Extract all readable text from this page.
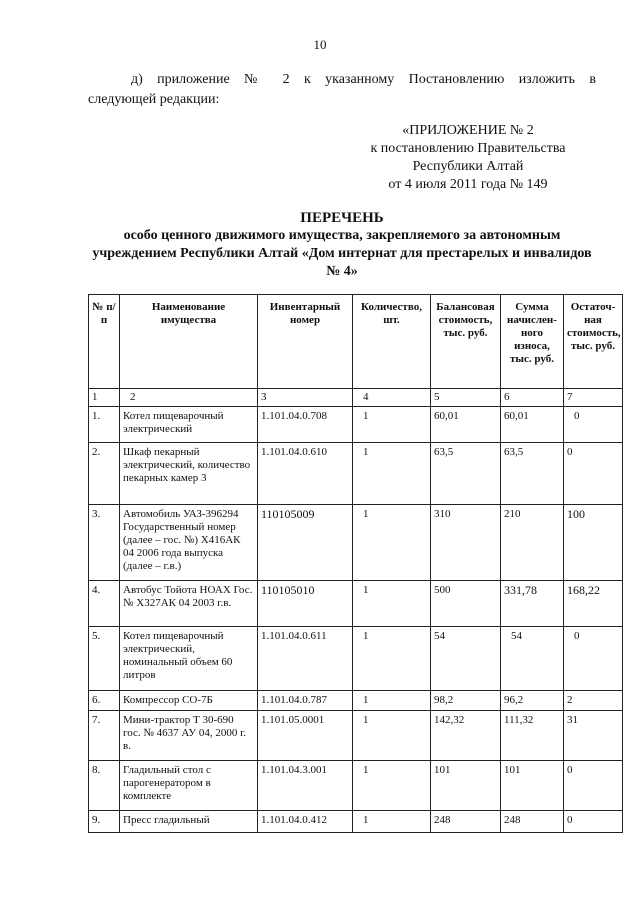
10
д) приложение № 2 к указанному Постановлению изложить в
следующей редакции:
«ПРИЛОЖЕНИЕ № 2
к постановлению Правительства
Республики Алтай
от 4 июля 2011 года № 149
ПЕРЕЧЕНЬ
особо ценного движимого имущества, закрепляемого за автономным учреждением Республики Алтай «Дом интернат для престарелых и инвалидов № 4»
№ п/п	Наименование имущества	Инвентарный номер	Количество, шт.	Балансовая стоимость, тыс. руб.	Сумма начислен-ного износа, тыс. руб.	Остаточ-ная стоимость, тыс. руб.
1	2	3	4	5	6	7
1.	Котел пищеварочный электрический	1.101.04.0.708	1	60,01	60,01	0
2.	Шкаф пекарный электрический, количество пекарных камер 3	1.101.04.0.610	1	63,5	63,5	0
3.	Автомобиль УАЗ-396294 Государственный номер (далее – гос. №) Х416АК 04 2006 года выпуска (далее – г.в.)	110105009	1	310	210	100
4.	Автобус Тойота НОАХ Гос. № Х327АК 04 2003 г.в.	110105010	1	500	331,78	168,22
5.	Котел пищеварочный электрический, номинальный объем 60 литров	1.101.04.0.611	1	54	54	0
6.	Компрессор СО-7Б	1.101.04.0.787	1	98,2	96,2	2
7.	Мини-трактор Т 30-690 гос. № 4637 АУ 04, 2000 г. в.	1.101.05.0001	1	142,32	111,32	31
8.	Гладильный стол с парогенератором в комплекте	1.101.04.3.001	1	101	101	0
9.	Пресс гладильный	1.101.04.0.412	1	248	248	0
